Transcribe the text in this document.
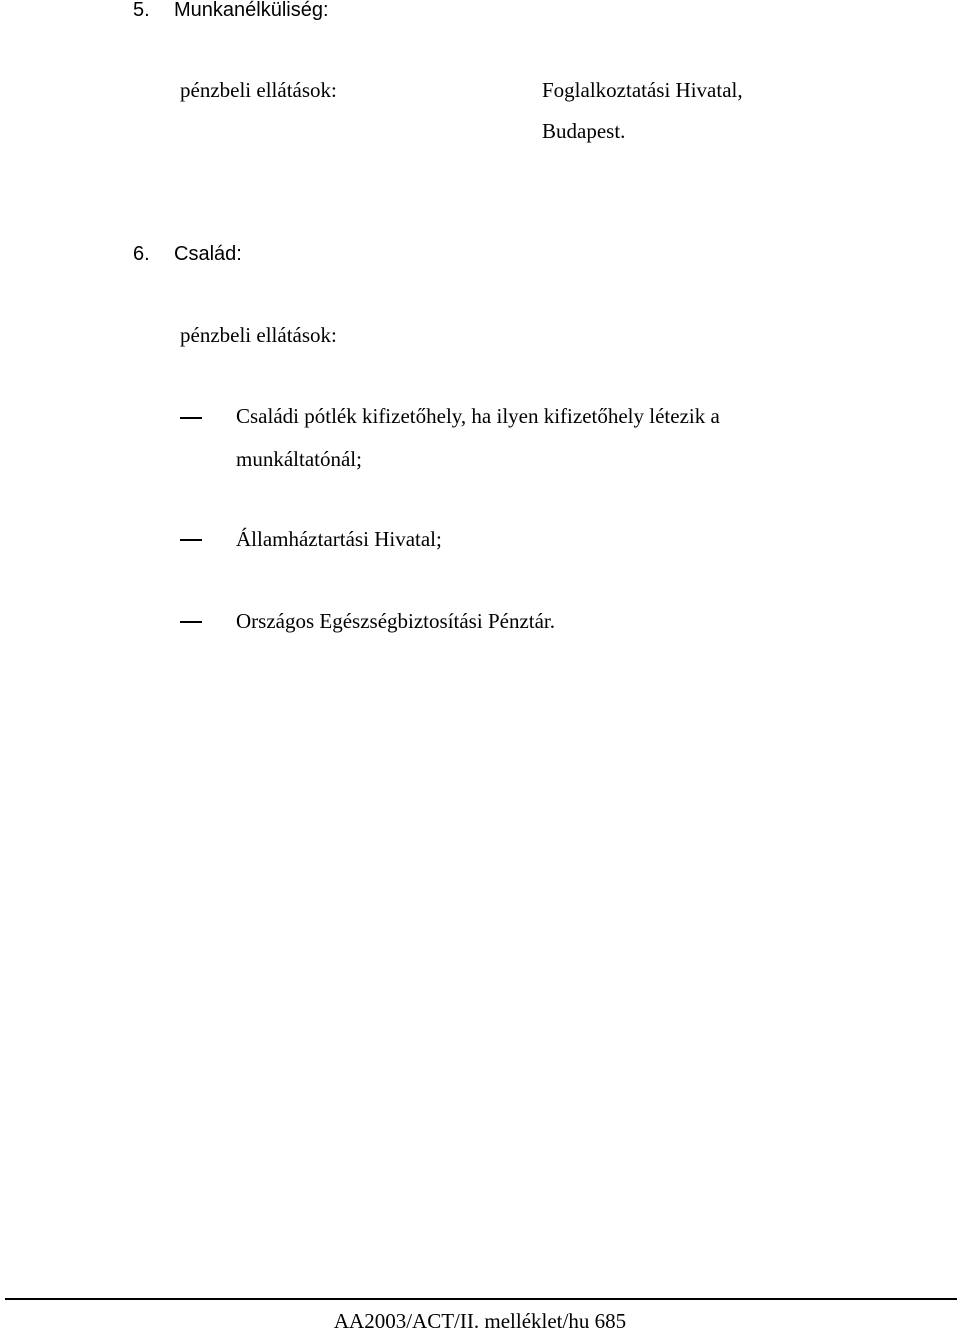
5. Munkanélküliség:
pénzbeli ellátások:	Foglalkoztatási Hivatal,
Budapest.
6. Család:
pénzbeli ellátások:
Családi pótlék kifizetőhely, ha ilyen kifizetőhely létezik a
munkáltatónál;
Államháztartási Hivatal;
Országos Egészségbiztosítási Pénztár.
AA2003/ACT/II. melléklet/hu 685
